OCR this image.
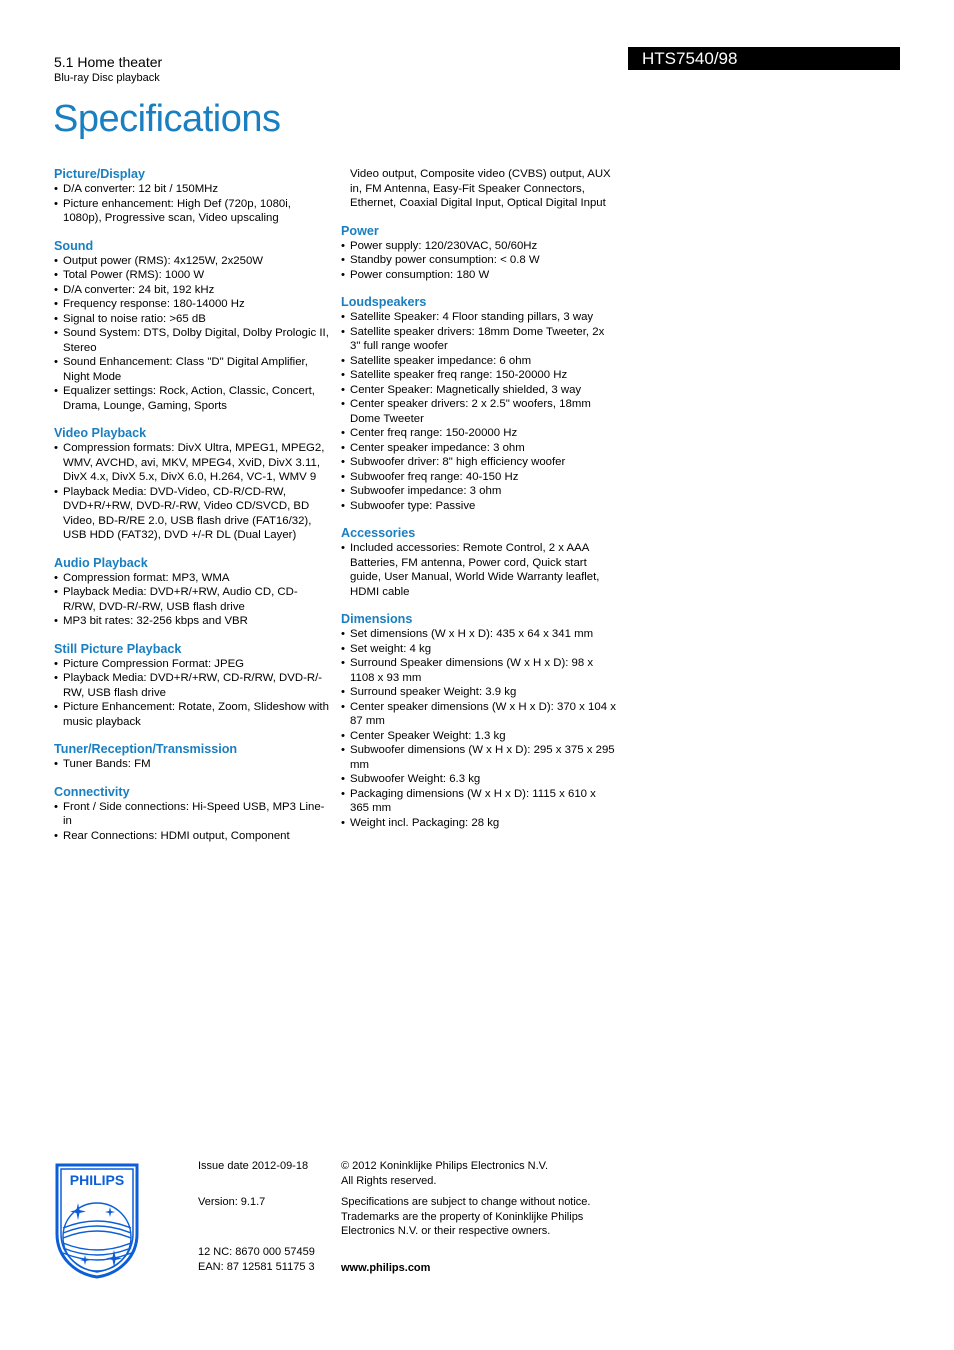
5.1 Home theater
Blu-ray Disc playback
Specifications
HTS7540/98
Picture/Display
• D/A converter: 12 bit / 150MHz
• Picture enhancement: High Def (720p, 1080i, 1080p), Progressive scan, Video upscaling
Sound
• Output power (RMS): 4x125W, 2x250W
• Total Power (RMS): 1000 W
• D/A converter: 24 bit, 192 kHz
• Frequency response: 180-14000 Hz
• Signal to noise ratio: >65 dB
• Sound System: DTS, Dolby Digital, Dolby Prologic II, Stereo
• Sound Enhancement: Class "D" Digital Amplifier, Night Mode
• Equalizer settings: Rock, Action, Classic, Concert, Drama, Lounge, Gaming, Sports
Video Playback
• Compression formats: DivX Ultra, MPEG1, MPEG2, WMV, AVCHD, avi, MKV, MPEG4, XviD, DivX 3.11, DivX 4.x, DivX 5.x, DivX 6.0, H.264, VC-1, WMV 9
• Playback Media: DVD-Video, CD-R/CD-RW, DVD+R/+RW, DVD-R/-RW, Video CD/SVCD, BD Video, BD-R/RE 2.0, USB flash drive (FAT16/32), USB HDD (FAT32), DVD +/-R DL (Dual Layer)
Audio Playback
• Compression format: MP3, WMA
• Playback Media: DVD+R/+RW, Audio CD, CD-R/RW, DVD-R/-RW, USB flash drive
• MP3 bit rates: 32-256 kbps and VBR
Still Picture Playback
• Picture Compression Format: JPEG
• Playback Media: DVD+R/+RW, CD-R/RW, DVD-R/-RW, USB flash drive
• Picture Enhancement: Rotate, Zoom, Slideshow with music playback
Tuner/Reception/Transmission
• Tuner Bands: FM
Connectivity
• Front / Side connections: Hi-Speed USB, MP3 Line-in
• Rear Connections: HDMI output, Component
Video output, Composite video (CVBS) output, AUX in, FM Antenna, Easy-Fit Speaker Connectors, Ethernet, Coaxial Digital Input, Optical Digital Input
Power
• Power supply: 120/230VAC, 50/60Hz
• Standby power consumption: < 0.8 W
• Power consumption: 180 W
Loudspeakers
• Satellite Speaker: 4 Floor standing pillars, 3 way
• Satellite speaker drivers: 18mm Dome Tweeter, 2x 3" full range woofer
• Satellite speaker impedance: 6 ohm
• Satellite speaker freq range: 150-20000 Hz
• Center Speaker: Magnetically shielded, 3 way
• Center speaker drivers: 2 x 2.5" woofers, 18mm Dome Tweeter
• Center freq range: 150-20000 Hz
• Center speaker impedance: 3 ohm
• Subwoofer driver: 8" high efficiency woofer
• Subwoofer freq range: 40-150 Hz
• Subwoofer impedance: 3 ohm
• Subwoofer type: Passive
Accessories
• Included accessories: Remote Control, 2 x AAA Batteries, FM antenna, Power cord, Quick start guide, User Manual, World Wide Warranty leaflet, HDMI cable
Dimensions
• Set dimensions (W x H x D): 435 x 64 x 341 mm
• Set weight: 4 kg
• Surround Speaker dimensions (W x H x D): 98 x 1108 x 93 mm
• Surround speaker Weight: 3.9 kg
• Center speaker dimensions (W x H x D): 370 x 104 x 87 mm
• Center Speaker Weight: 1.3 kg
• Subwoofer dimensions (W x H x D): 295 x 375 x 295 mm
• Subwoofer Weight: 6.3 kg
• Packaging dimensions (W x H x D): 1115 x 610 x 365 mm
• Weight incl. Packaging: 28 kg
PHILIPS
Issue date 2012-09-18
Version: 9.1.7
12 NC: 8670 000 57459
EAN: 87 12581 51175 3
© 2012 Koninklijke Philips Electronics N.V.
All Rights reserved.
Specifications are subject to change without notice. Trademarks are the property of Koninklijke Philips Electronics N.V. or their respective owners.
www.philips.com
